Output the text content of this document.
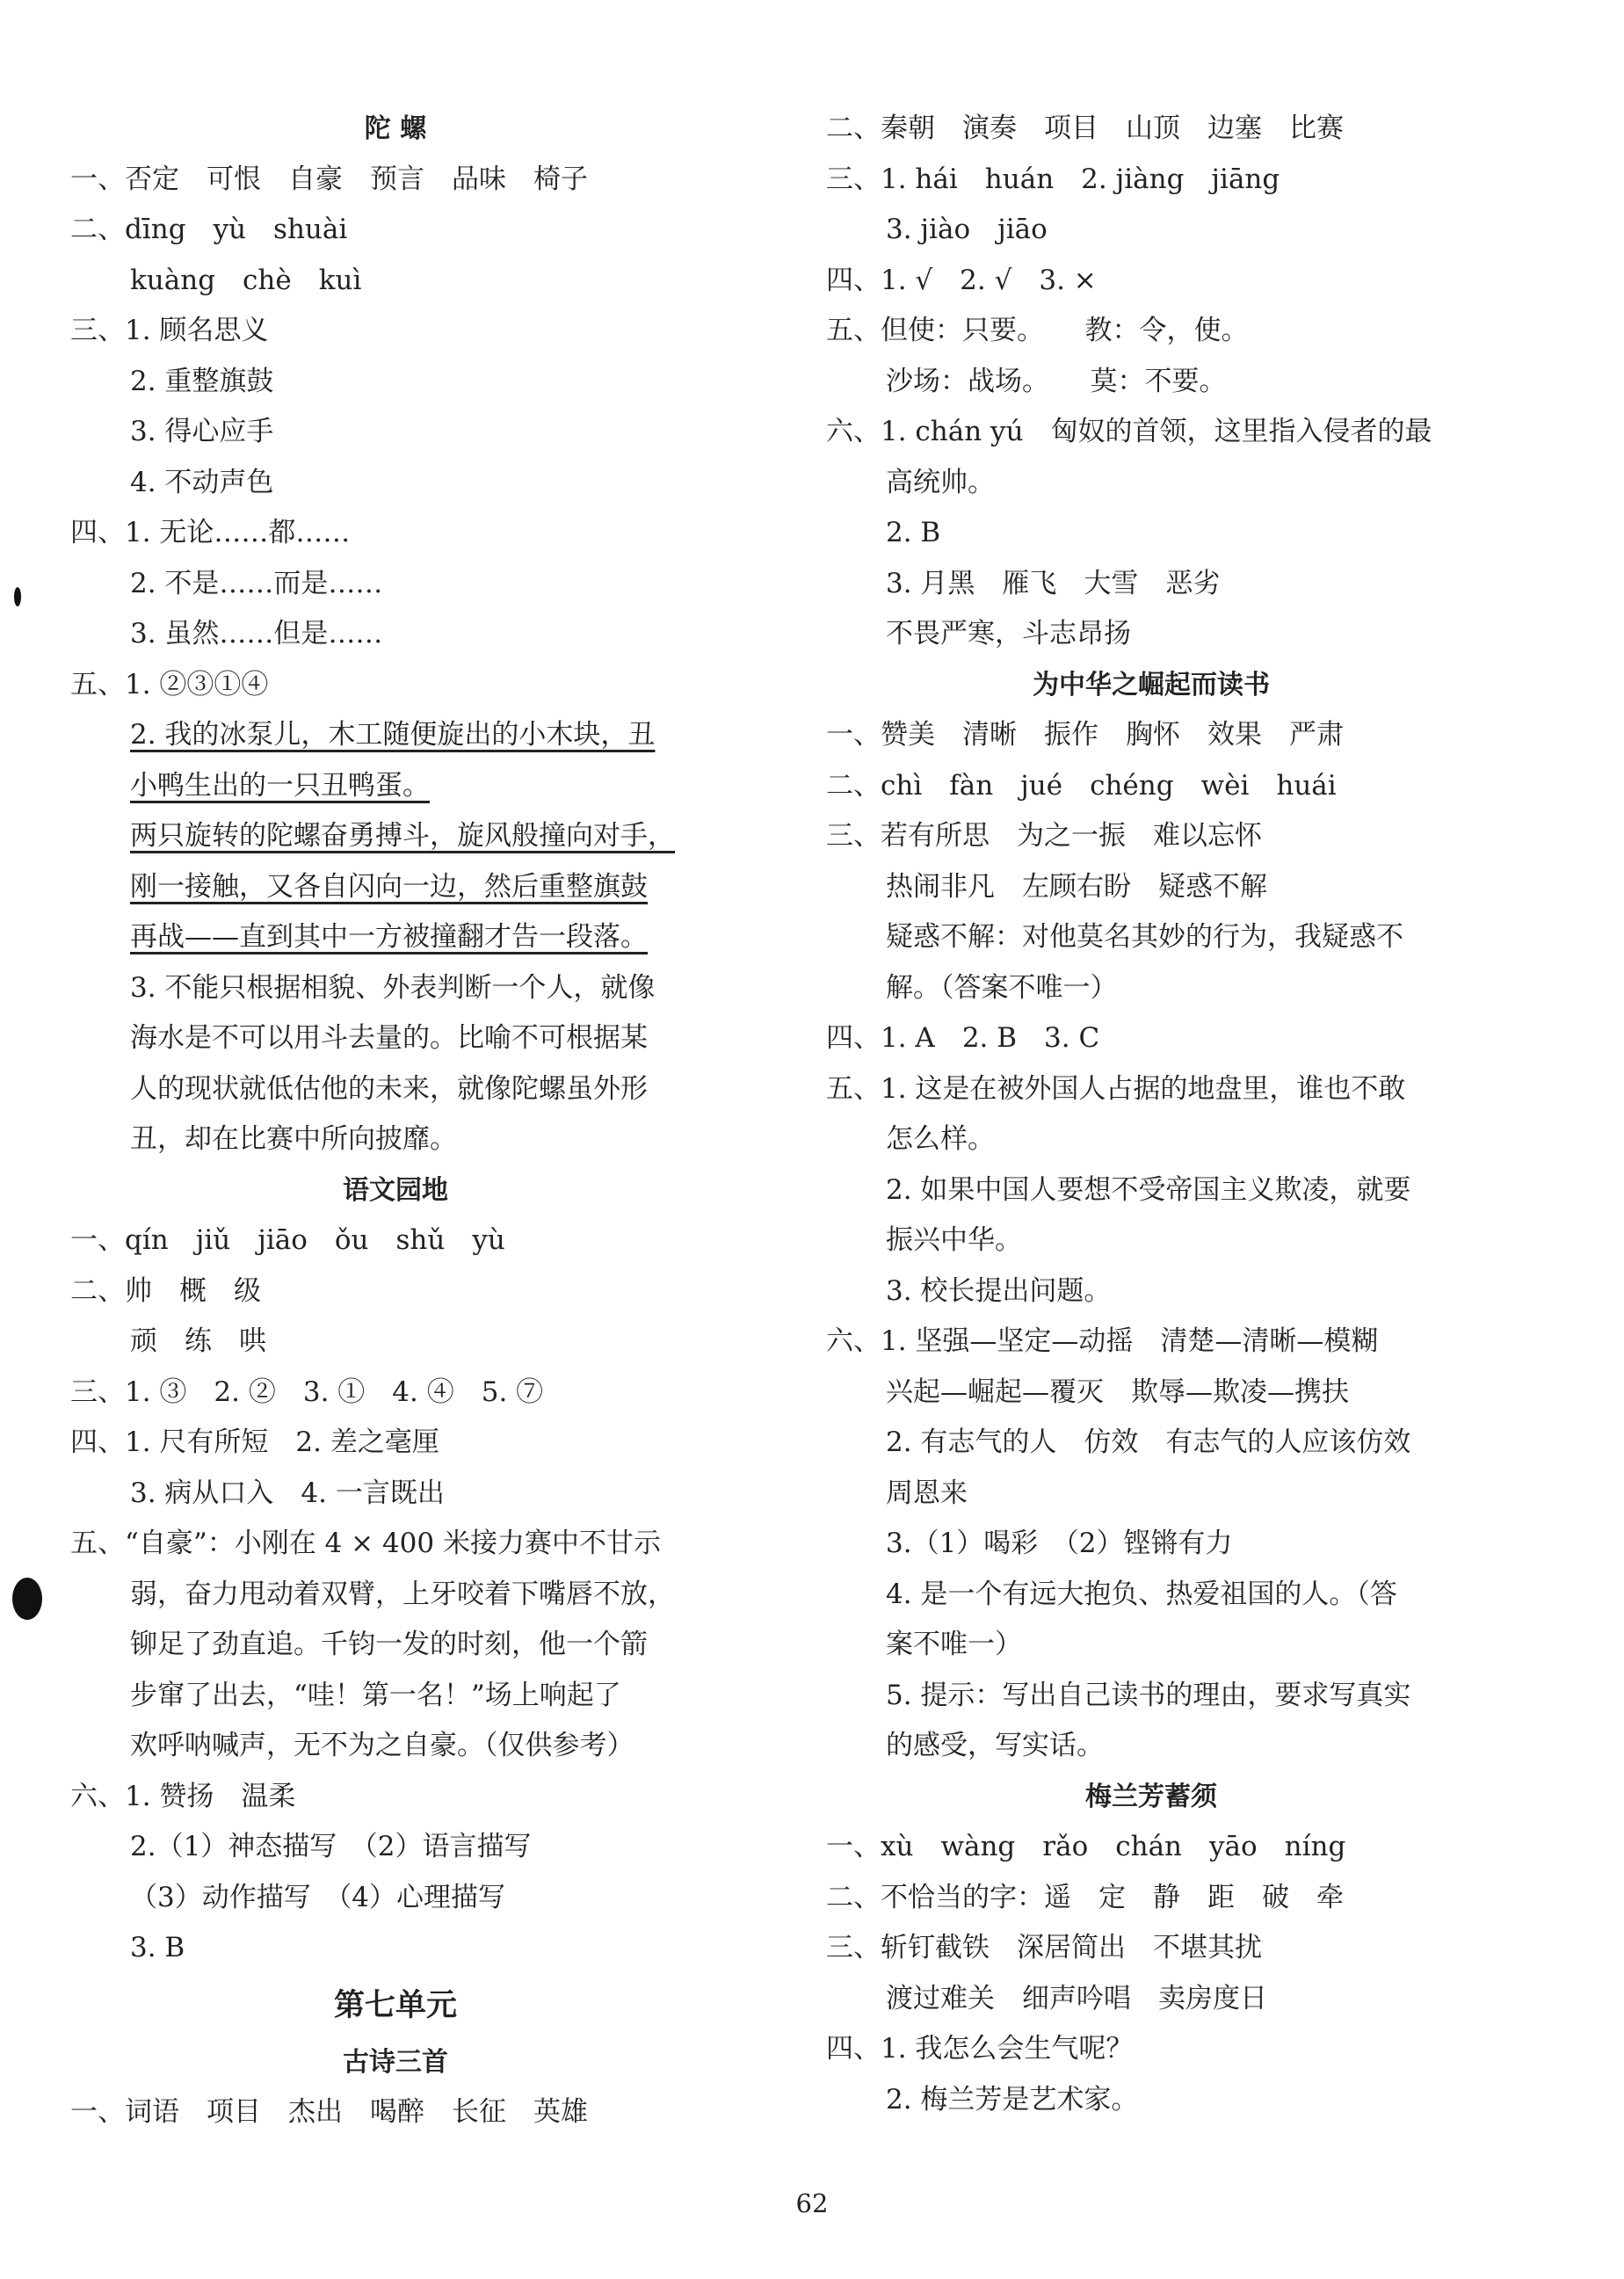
陀 螺
一、否定　可恨　自豪　预言　品味　椅子
二、dīng　yù　shuài
kuàng　chè　kuì
三、1. 顾名思义
2. 重整旗鼓
3. 得心应手
4. 不动声色
四、1. 无论……都……
2. 不是……而是……
3. 虽然……但是……
五、1. ②③①④
2. 我的冰泵儿，木工随便旋出的小木块，丑
小鸭生出的一只丑鸭蛋。
两只旋转的陀螺奋勇搏斗，旋风般撞向对手，
刚一接触，又各自闪向一边，然后重整旗鼓
再战——直到其中一方被撞翻才告一段落。
3. 不能只根据相貌、外表判断一个人，就像
海水是不可以用斗去量的。比喻不可根据某
人的现状就低估他的未来，就像陀螺虽外形
丑，却在比赛中所向披靡。
语文园地
一、qín　jiǔ　jiāo　ǒu　shǔ　yù
二、帅　概　级
顽　练　哄
三、1. ③　2. ②　3. ①　4. ④　5. ⑦
四、1. 尺有所短　2. 差之毫厘
3. 病从口入　4. 一言既出
五、“自豪”：小刚在 4 × 400 米接力赛中不甘示
弱，奋力甩动着双臂，上牙咬着下嘴唇不放，
铆足了劲直追。千钧一发的时刻，他一个箭
步窜了出去，“哇！第一名！”场上响起了
欢呼呐喊声，无不为之自豪。（仅供参考）
六、1. 赞扬　温柔
2.（1）神态描写　（2）语言描写
（3）动作描写　（4）心理描写
3. B
第七单元
古诗三首
一、词语　项目　杰出　喝醉　长征　英雄
二、秦朝　演奏　项目　山顶　边塞　比赛
三、1. hái　huán　2. jiàng　jiāng
3. jiào　jiāo
四、1. √　2. √　3. ×
五、但使：只要。　　教：令，使。
沙场：战场。　　莫：不要。
六、1. chán yú　匈奴的首领，这里指入侵者的最
高统帅。
2. B
3. 月黑　雁飞　大雪　恶劣
不畏严寒，斗志昂扬
为中华之崛起而读书
一、赞美　清晰　振作　胸怀　效果　严肃
二、chì　fàn　jué　chéng　wèi　huái
三、若有所思　为之一振　难以忘怀
热闹非凡　左顾右盼　疑惑不解
疑惑不解：对他莫名其妙的行为，我疑惑不
解。（答案不唯一）
四、1. A　2. B　3. C
五、1. 这是在被外国人占据的地盘里，谁也不敢
怎么样。
2. 如果中国人要想不受帝国主义欺凌，就要
振兴中华。
3. 校长提出问题。
六、1. 坚强—坚定—动摇　清楚—清晰—模糊
兴起—崛起—覆灭　欺辱—欺凌—携扶
2. 有志气的人　仿效　有志气的人应该仿效
周恩来
3.（1）喝彩　（2）铿锵有力
4. 是一个有远大抱负、热爱祖国的人。（答
案不唯一）
5. 提示：写出自己读书的理由，要求写真实
的感受，写实话。
梅兰芳蓄须
一、xù　wàng　rǎo　chán　yāo　níng
二、不恰当的字：遥　定　静　距　破　牵
三、斩钉截铁　深居简出　不堪其扰
渡过难关　细声吟唱　卖房度日
四、1. 我怎么会生气呢？
2. 梅兰芳是艺术家。
62
